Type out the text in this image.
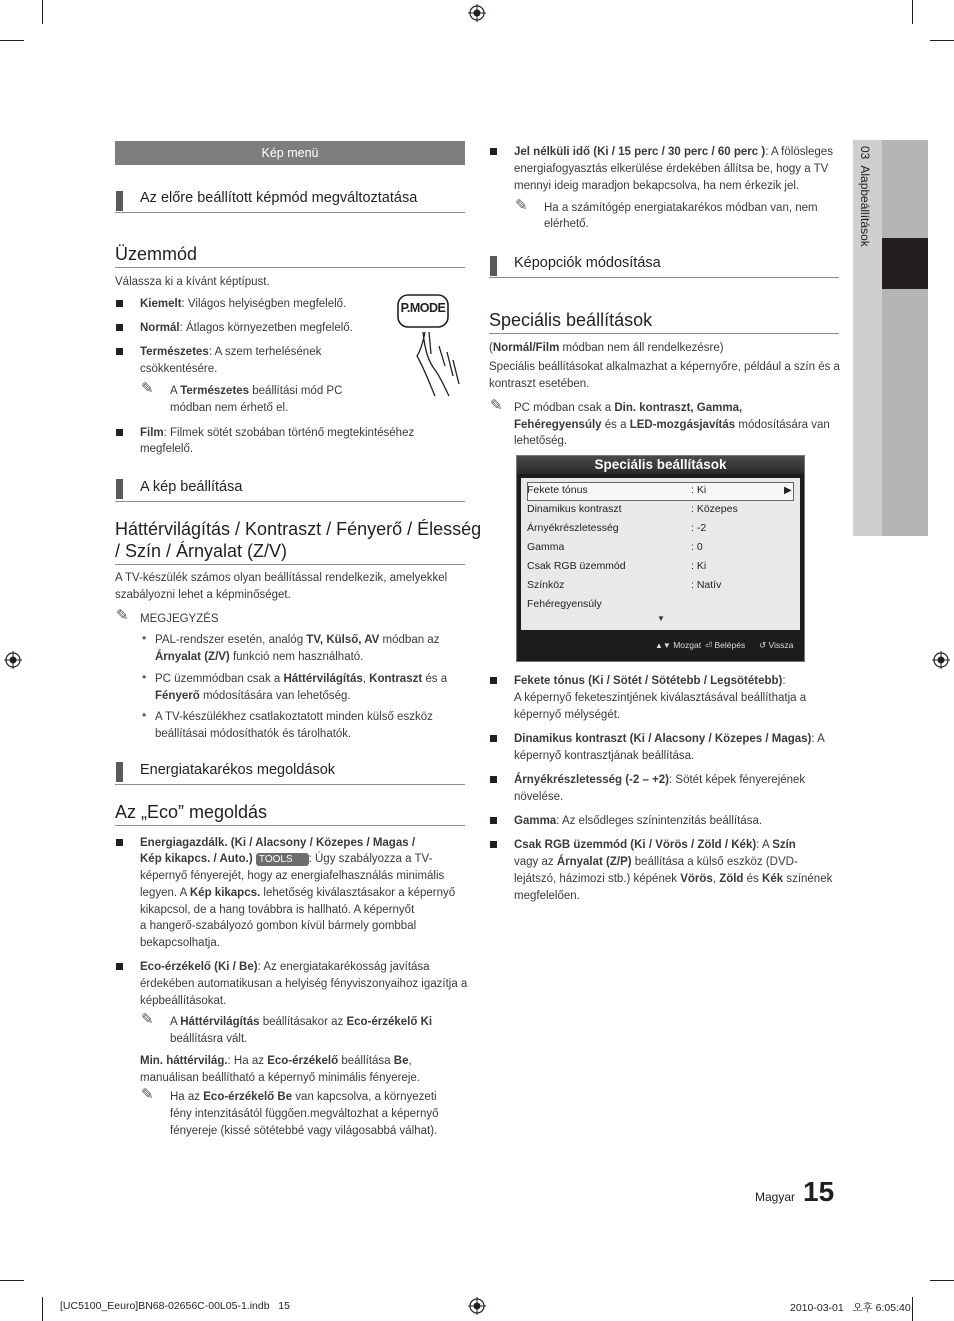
03  Alapbeállítások
Kép menü
Az előre beállított képmód megváltoztatása
Üzemmód
Válassza ki a kívánt képtípust.
P.MODE
Kiemelt: Világos helyiségben megfelelő.
Normál: Átlagos környezetben megfelelő.
Természetes: A szem terhelésének
csökkentésére.
✎ A Természetes beállítási mód PC
módban nem érhető el.
Film: Filmek sötét szobában történő megtekintéséhez
megfelelő.
A kép beállítása
Háttérvilágítás / Kontraszt / Fényerő / Élesség
/ Szín / Árnyalat (Z/V)
A TV-készülék számos olyan beállítással rendelkezik, amelyekkel
szabályozni lehet a képminőséget.
✎ MEGJEGYZÉS
• PAL-rendszer esetén, analóg TV, Külső, AV módban az
Árnyalat (Z/V) funkció nem használható.
• PC üzemmódban csak a Háttérvilágítás, Kontraszt és a
Fényerő módosítására van lehetőség.
• A TV-készülékhez csatlakoztatott minden külső eszköz
beállításai módosíthatók és tárolhatók.
Energiatakarékos megoldások
Az „Eco” megoldás
Energiagazdálk. (Ki / Alacsony / Közepes / Magas /
Kép kikapcs. / Auto.) TOOLS : Úgy szabályozza a TV-
képernyő fényerejét, hogy az energiafelhasználás minimális
legyen. A Kép kikapcs. lehetőség kiválasztásakor a képernyő
kikapcsol, de a hang továbbra is hallható. A képernyőt
a hangerő-szabályozó gombon kívül bármely gombbal
bekapcsolhatja.
Eco-érzékelő (Ki / Be): Az energiatakarékosság javítása
érdekében automatikusan a helyiség fényviszonyaihoz igazítja a
képbeállításokat.
✎ A Háttérvilágítás beállításakor az Eco-érzékelő Ki
beállításra vált.
Min. háttérvilág.: Ha az Eco-érzékelő beállítása Be,
manuálisan beállítható a képernyő minimális fényereje.
✎ Ha az Eco-érzékelő Be van kapcsolva, a környezeti
fény intenzitásától függően.megváltozhat a képernyő
fényereje (kissé sötétebbé vagy világosabbá válhat).
Jel nélküli idő (Ki / 15 perc / 30 perc / 60 perc ): A fölösleges
energiafogyasztás elkerülése érdekében állítsa be, hogy a TV
mennyi ideig maradjon bekapcsolva, ha nem érkezik jel.
✎ Ha a számítógép energiatakarékos módban van, nem
elérhető.
Képopciók módosítása
Speciális beállítások
(Normál/Film módban nem áll rendelkezésre)
Speciális beállításokat alkalmazhat a képernyőre, például a szín és a
kontraszt esetében.
✎ PC módban csak a Din. kontraszt, Gamma,
Fehéregyensúly és a LED-mozgásjavítás módosítására van
lehetőség.
Speciális beállítások
Fekete tónus	: Ki	▶
Dinamikus kontraszt	: Közepes
Árnyékrészletesség	: -2
Gamma	: 0
Csak RGB üzemmód	: Ki
Színköz	: Natív
Fehéregyensúly
▼
▲▼ Mozgat ⏎ Belépés ↺ Vissza
Fekete tónus (Ki / Sötét / Sötétebb / Legsötétebb):
A képernyő feketeszintjének kiválasztásával beállíthatja a
képernyő mélységét.
Dinamikus kontraszt (Ki / Alacsony / Közepes / Magas): A
képernyő kontrasztjának beállítása.
Árnyékrészletesség (-2 – +2): Sötét képek fényerejének
növelése.
Gamma: Az elsődleges színintenzitás beállítása.
Csak RGB üzemmód (Ki / Vörös / Zöld / Kék): A Szín
vagy az Árnyalat (Z/P) beállítása a külső eszköz (DVD-
lejátszó, házimozi stb.) képének Vörös, Zöld és Kék színének
megfelelően.
Magyar 15
[UC5100_Eeuro]BN68-02656C-00L05-1.indb   15	2010-03-01   오후 6:05:40
